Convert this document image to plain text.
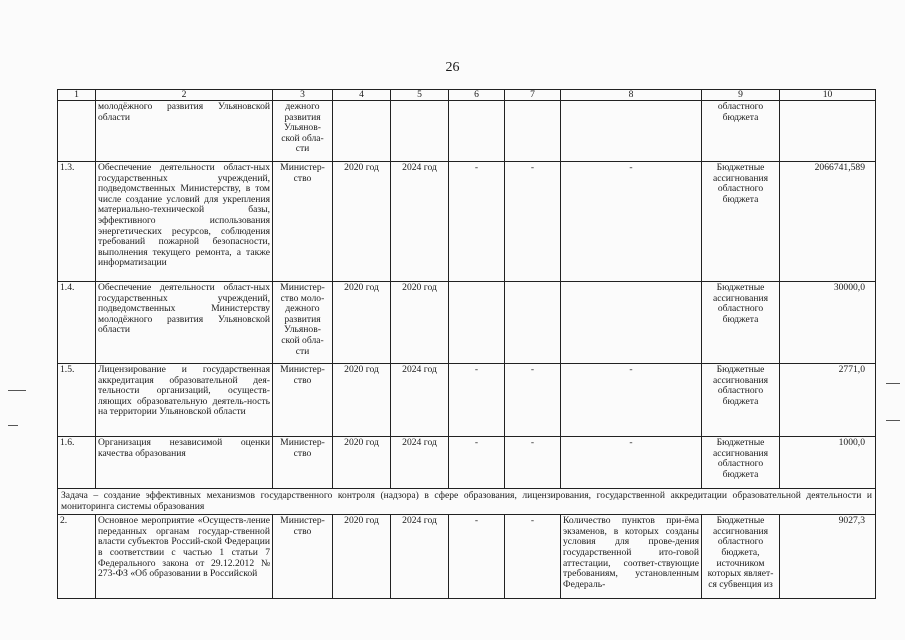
26
1	2	3	4	5	6	7	8	9	10
	молодёжного развития Ульяновской области	дежного развития Ульянов-ской обла-сти						областного бюджета	
1.3.	Обеспечение деятельности област-ных государственных учреждений, подведомственных Министерству, в том числе создание условий для укрепления материально-технической базы, эффективного использования энергетических ресурсов, соблюдения требований пожарной безопасности, выполнения текущего ремонта, а также информатизации	Министер-ство	2020 год	2024 год	-	-	-	Бюджетные ассигнования областного бюджета	2066741,589
1.4.	Обеспечение деятельности област-ных государственных учреждений, подведомственных Министерству молодёжного развития Ульяновской области	Министер-ство моло-дежного развития Ульянов-ской обла-сти	2020 год	2020 год				Бюджетные ассигнования областного бюджета	30000,0
1.5.	Лицензирование и государственная аккредитация образовательной дея-тельности организаций, осуществ-ляющих образовательную деятель-ность на территории Ульяновской области	Министер-ство	2020 год	2024 год	-	-	-	Бюджетные ассигнования областного бюджета	2771,0
1.6.	Организация независимой оценки качества образования	Министер-ство	2020 год	2024 год	-	-	-	Бюджетные ассигнования областного бюджета	1000,0
Задача – создание эффективных механизмов государственного контроля (надзора) в сфере образования, лицензирования, государственной аккредитации образовательной деятельности и мониторинга системы образования									
2.	Основное мероприятие «Осуществ-ление переданных органам государ-ственной власти субъектов Россий-ской Федерации в соответствии с частью 1 статьи 7 Федерального закона от 29.12.2012 № 273-ФЗ «Об образовании в Российской	Министер-ство	2020 год	2024 год	-	-	Количество пунктов при-ёма экзаменов, в которых созданы условия для прове-дения государственной ито-говой аттестации, соответ-ствующие требованиям, установленным Федераль-	Бюджетные ассигнования областного бюджета, источником которых являет-ся субвенция из	9027,3
